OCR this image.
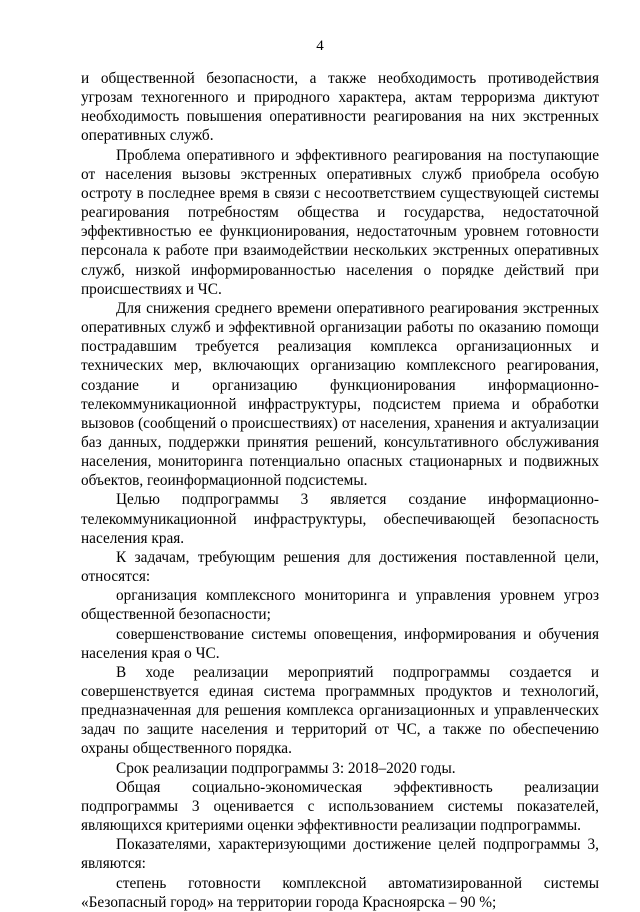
4

и общественной безопасности, а также необходимость противодействия угрозам техногенного и природного характера, актам терроризма диктуют необходимость повышения оперативности реагирования на них экстренных оперативных служб.

Проблема оперативного и эффективного реагирования на поступающие от населения вызовы экстренных оперативных служб приобрела особую остроту в последнее время в связи с несоответствием существующей системы реагирования потребностям общества и государства, недостаточной эффективностью ее функционирования, недостаточным уровнем готовности персонала к работе при взаимодействии нескольких экстренных оперативных служб, низкой информированностью населения о порядке действий при происшествиях и ЧС.

Для снижения среднего времени оперативного реагирования экстренных оперативных служб и эффективной организации работы по оказанию помощи пострадавшим требуется реализация комплекса организационных и технических мер, включающих организацию комплексного реагирования, создание и организацию функционирования информационно-телекоммуникационной инфраструктуры, подсистем приема и обработки вызовов (сообщений о происшествиях) от населения, хранения и актуализации баз данных, поддержки принятия решений, консультативного обслуживания населения, мониторинга потенциально опасных стационарных и подвижных объектов, геоинформационной подсистемы.

Целью подпрограммы 3 является создание информационно-телекоммуникационной инфраструктуры, обеспечивающей безопасность населения края.

К задачам, требующим решения для достижения поставленной цели, относятся:

организация комплексного мониторинга и управления уровнем угроз общественной безопасности;

совершенствование системы оповещения, информирования и обучения населения края о ЧС.

В ходе реализации мероприятий подпрограммы создается и совершенствуется единая система программных продуктов и технологий, предназначенная для решения комплекса организационных и управленческих задач по защите населения и территорий от ЧС, а также по обеспечению охраны общественного порядка.

Срок реализации подпрограммы 3: 2018–2020 годы.

Общая социально-экономическая эффективность реализации подпрограммы 3 оценивается с использованием системы показателей, являющихся критериями оценки эффективности реализации подпрограммы.

Показателями, характеризующими достижение целей подпрограммы 3, являются:

степень готовности комплексной автоматизированной системы «Безопасный город» на территории города Красноярска – 90 %;
